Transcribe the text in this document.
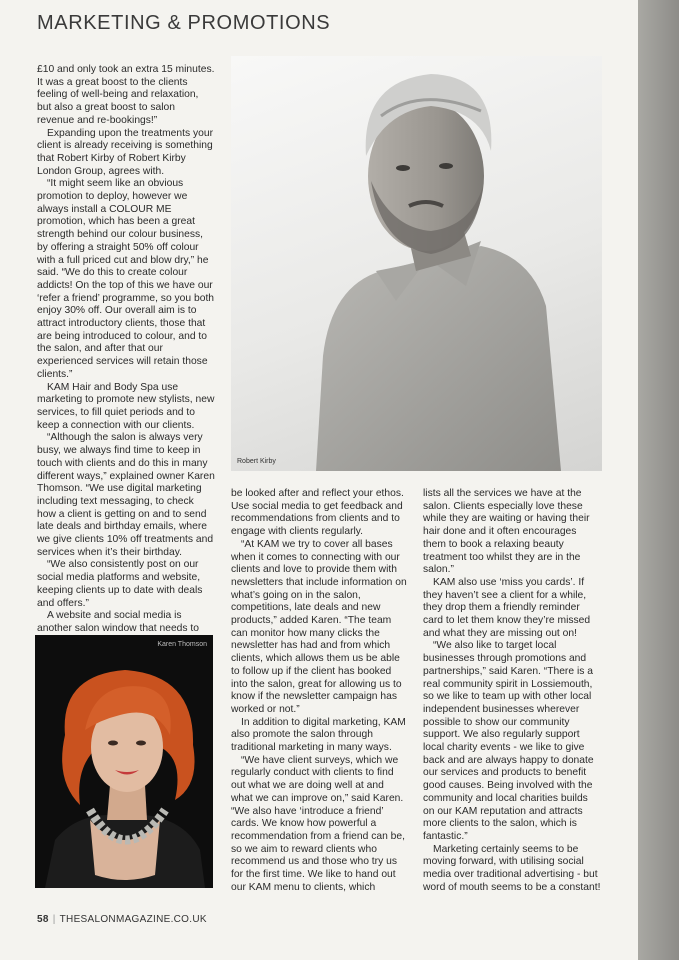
MARKETING & PROMOTIONS

£10 and only took an extra 15 minutes. It was a great boost to the clients feeling of well-being and relaxation, but also a great boost to salon revenue and re-bookings!”

Expanding upon the treatments your client is already receiving is something that Robert Kirby of Robert Kirby London Group, agrees with.

“It might seem like an obvious promotion to deploy, however we always install a COLOUR ME promotion, which has been a great strength behind our colour business, by offering a straight 50% off colour with a full priced cut and blow dry,” he said. “We do this to create colour addicts! On the top of this we have our ‘refer a friend’ programme, so you both enjoy 30% off. Our overall aim is to attract introductory clients, those that are being introduced to colour, and to the salon, and after that our experienced services will retain those clients.”

KAM Hair and Body Spa use marketing to promote new stylists, new services, to fill quiet periods and to keep a connection with our clients.

“Although the salon is always very busy, we always find time to keep in touch with clients and do this in many different ways,” explained owner Karen Thomson. “We use digital marketing including text messaging, to check how a client is getting on and to send late deals and birthday emails, where we give clients 10% off treatments and services when it’s their birthday.

“We also consistently post on our social media platforms and website, keeping clients up to date with deals and offers.”

A website and social media is another salon window that needs to

Robert Kirby

be looked after and reflect your ethos. Use social media to get feedback and recommendations from clients and to engage with clients regularly.

“At KAM we try to cover all bases when it comes to connecting with our clients and love to provide them with newsletters that include information on what’s going on in the salon, competitions, late deals and new products,” added Karen. “The team can monitor how many clicks the newsletter has had and from which clients, which allows them us be able to follow up if the client has booked into the salon, great for allowing us to know if the newsletter campaign has worked or not.”

In addition to digital marketing, KAM also promote the salon through traditional marketing in many ways.

“We have client surveys, which we regularly conduct with clients to find out what we are doing well at and what we can improve on,” said Karen. “We also have ‘introduce a friend’ cards. We know how powerful a recommendation from a friend can be, so we aim to reward clients who recommend us and those who try us for the first time. We like to hand out our KAM menu to clients, which

lists all the services we have at the salon. Clients especially love these while they are waiting or having their hair done and it often encourages them to book a relaxing beauty treatment too whilst they are in the salon.”

KAM also use ‘miss you cards’. If they haven’t see a client for a while, they drop them a friendly reminder card to let them know they’re missed and what they are missing out on!

“We also like to target local businesses through promotions and partnerships,” said Karen. “There is a real community spirit in Lossiemouth, so we like to team up with other local independent businesses wherever possible to show our community support. We also regularly support local charity events - we like to give back and are always happy to donate our services and products to benefit good causes. Being involved with the community and local charities builds on our KAM reputation and attracts more clients to the salon, which is fantastic.”

Marketing certainly seems to be moving forward, with utilising social media over traditional advertising - but word of mouth seems to be a constant!

Karen Thomson
58 | THESALONMAGAZINE.CO.UK
